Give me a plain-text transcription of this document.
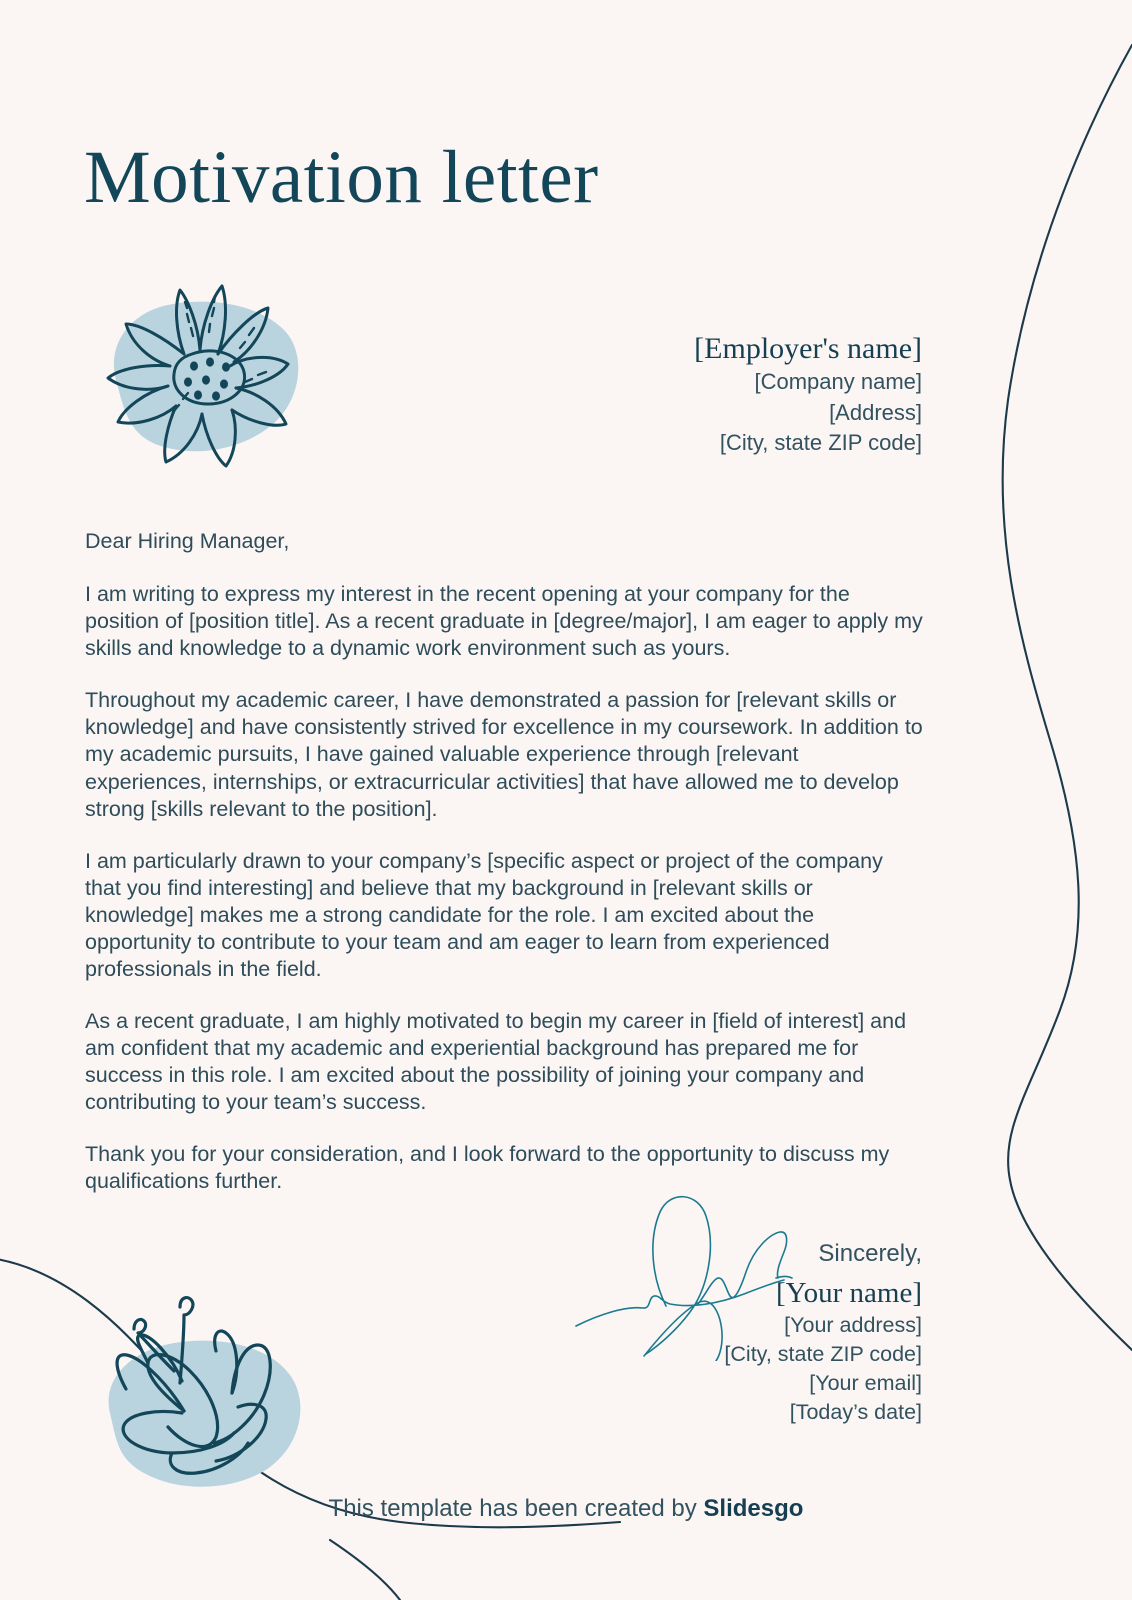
Motivation letter
[Employer's name]
[Company name]
[Address]
[City, state ZIP code]

Dear Hiring Manager,

I am writing to express my interest in the recent opening at your company for the position of [position title]. As a recent graduate in [degree/major], I am eager to apply my skills and knowledge to a dynamic work environment such as yours.

Throughout my academic career, I have demonstrated a passion for [relevant skills or knowledge] and have consistently strived for excellence in my coursework. In addition to my academic pursuits, I have gained valuable experience through [relevant experiences, internships, or extracurricular activities] that have allowed me to develop strong [skills relevant to the position].

I am particularly drawn to your company’s [specific aspect or project of the company that you find interesting] and believe that my background in [relevant skills or knowledge] makes me a strong candidate for the role. I am excited about the opportunity to contribute to your team and am eager to learn from experienced professionals in the field.

As a recent graduate, I am highly motivated to begin my career in [field of interest] and am confident that my academic and experiential background has prepared me for success in this role. I am excited about the possibility of joining your company and contributing to your team’s success.

Thank you for your consideration, and I look forward to the opportunity to discuss my qualifications further.

Sincerely,
[Your name]
[Your address]
[City, state ZIP code]
[Your email]
[Today’s date]
This template has been created by Slidesgo
